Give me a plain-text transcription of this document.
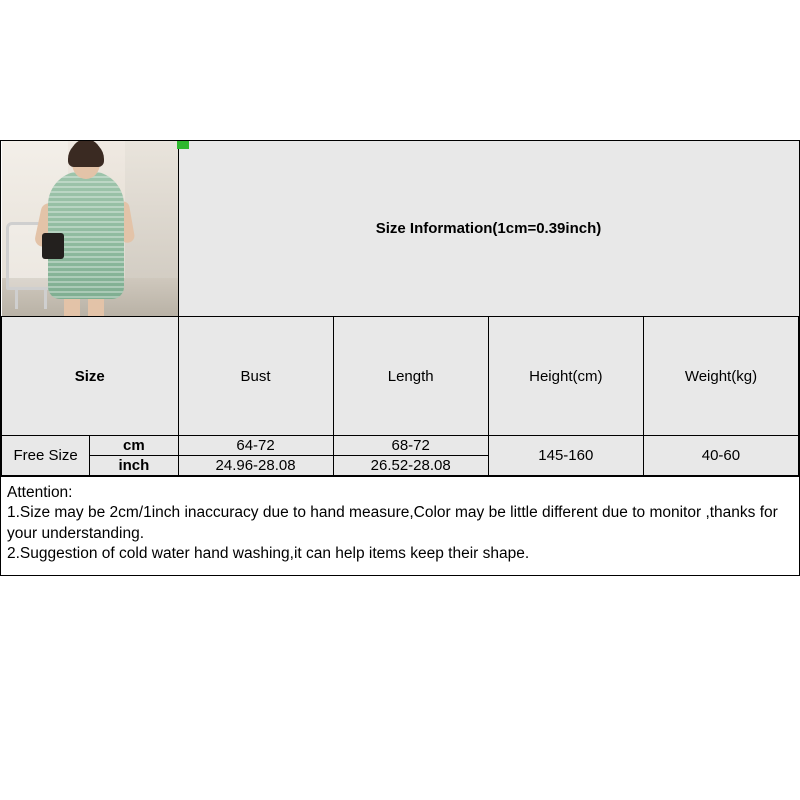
		Size Information(1cm=0.39inch)			
Size		Bust	Length	Height(cm)	Weight(kg)
Free Size	cm	64-72	68-72	145-160	40-60
	inch	24.96-28.08	26.52-28.08		

Attention:

1.Size may be 2cm/1inch inaccuracy due to hand measure,Color may be little different due to monitor ,thanks for your understanding.

2.Suggestion of cold water hand washing,it can help items keep their shape.
